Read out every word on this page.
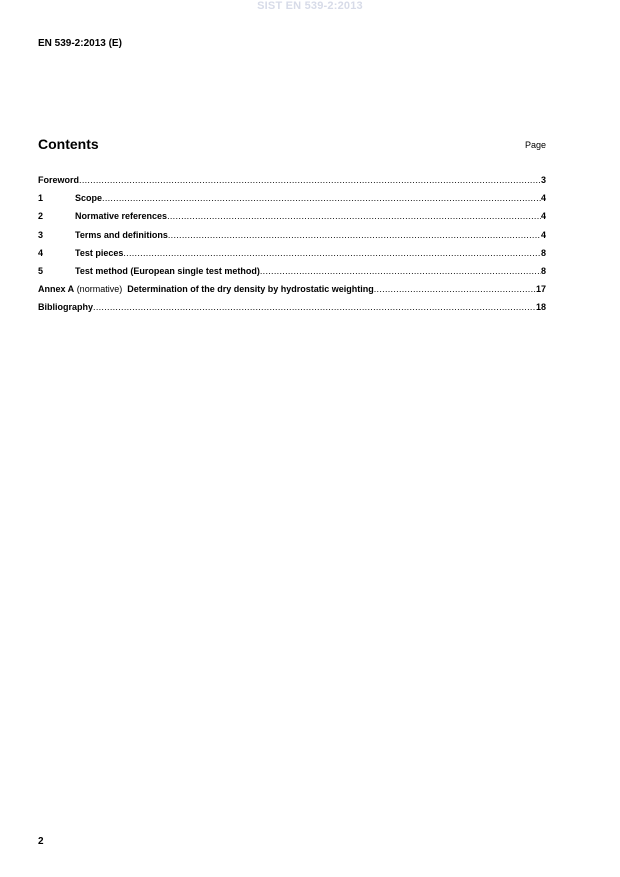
SIST EN 539-2:2013
EN 539-2:2013 (E)
Contents	Page
Foreword .....	3
1	Scope .....	4
2	Normative references .....	4
3	Terms and definitions .....	4
4	Test pieces .....	8
5	Test method (European single test method) .....	8
Annex A (normative) Determination of the dry density by hydrostatic weighting .....	17
Bibliography .....	18
2
